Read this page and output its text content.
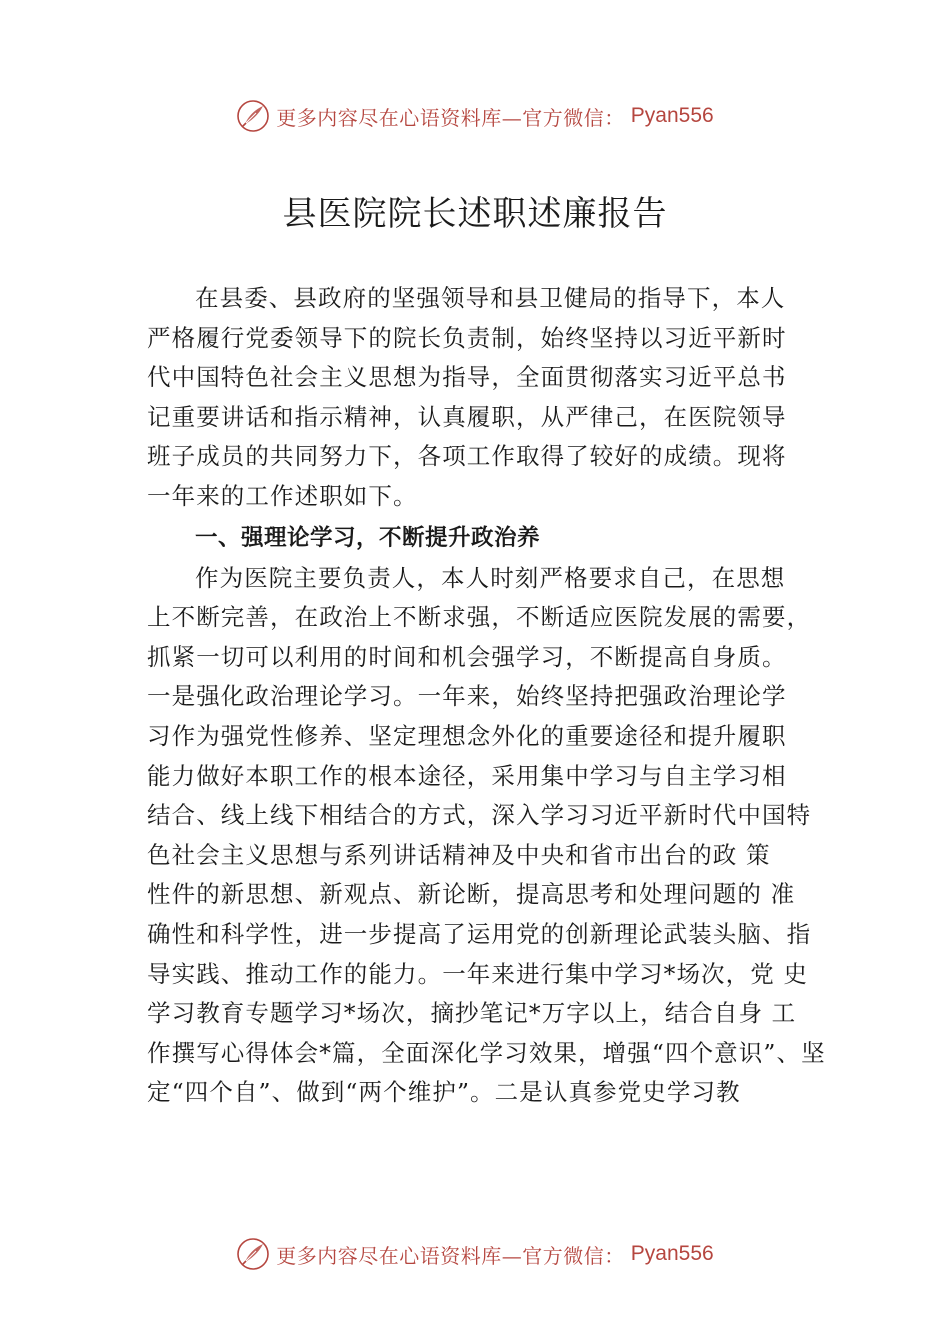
更多内容尽在心语资料库—官方微信： Pyan556
县医院院长述职述廉报告
在县委、县政府的坚强领导和县卫健局的指导下，本人
严格履行党委领导下的院长负责制，始终坚持以习近平新时
代中国特色社会主义思想为指导，全面贯彻落实习近平总书
记重要讲话和指示精神，认真履职，从严律己，在医院领导
班子成员的共同努力下，各项工作取得了较好的成绩。现将
一年来的工作述职如下。
一、强理论学习，不断提升政治养
作为医院主要负责人，本人时刻严格要求自己，在思想
上不断完善，在政治上不断求强，不断适应医院发展的需要，
抓紧一切可以利用的时间和机会强学习，不断提高自身质。
一是强化政治理论学习。一年来，始终坚持把强政治理论学
习作为强党性修养、坚定理想念外化的重要途径和提升履职
能力做好本职工作的根本途径，采用集中学习与自主学习相
结合、线上线下相结合的方式，深入学习习近平新时代中国特
色社会主义思想与系列讲话精神及中央和省市出台的政 策
性件的新思想、新观点、新论断，提高思考和处理问题的 准
确性和科学性，进一步提高了运用党的创新理论武装头脑、指
导实践、推动工作的能力。一年来进行集中学习*场次，党 史
学习教育专题学习*场次，摘抄笔记*万字以上，结合自身 工
作撰写心得体会*篇，全面深化学习效果，增强“四个意识”、坚
定“四个自”、做到“两个维护”。二是认真参党史学习教
更多内容尽在心语资料库—官方微信： Pyan556
